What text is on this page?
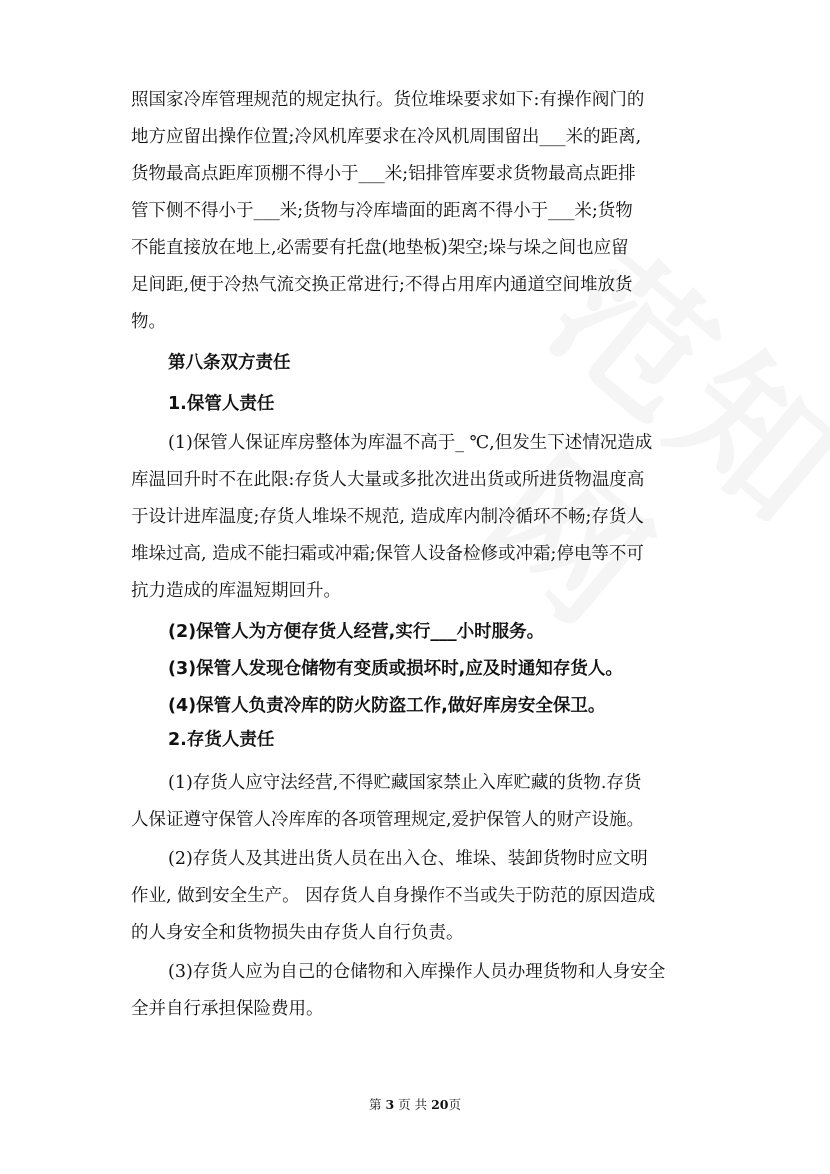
照国家冷库管理规范的规定执行。货位堆垛要求如下:有操作阀门的
地方应留出操作位置;冷风机库要求在冷风机周围留出___米的距离,
货物最高点距库顶棚不得小于___米;铝排管库要求货物最高点距排
管下侧不得小于___米;货物与冷库墙面的距离不得小于___米;货物
不能直接放在地上,必需要有托盘(地垫板)架空;垛与垛之间也应留
足间距,便于冷热气流交换正常进行;不得占用库内通道空间堆放货
物。
第八条双方责任
1.保管人责任
(1)保管人保证库房整体为库温不高于_ ℃,但发生下述情况造成
库温回升时不在此限:存货人大量或多批次进出货或所进货物温度高
于设计进库温度;存货人堆垛不规范, 造成库内制冷循环不畅;存货人
堆垛过高, 造成不能扫霜或冲霜;保管人设备检修或冲霜;停电等不可
抗力造成的库温短期回升。
(2)保管人为方便存货人经营,实行___小时服务。
(3)保管人发现仓储物有变质或损坏时,应及时通知存货人。
(4)保管人负责冷库的防火防盗工作,做好库房安全保卫。
2.存货人责任
(1)存货人应守法经营,不得贮藏国家禁止入库贮藏的货物.存货
人保证遵守保管人冷库库的各项管理规定,爱护保管人的财产设施。
(2)存货人及其进出货人员在出入仓、堆垛、装卸货物时应文明
作业, 做到安全生产。 因存货人自身操作不当或失于防范的原因造成
的人身安全和货物损失由存货人自行负责。
(3)存货人应为自己的仓储物和入库操作人员办理货物和人身安全
全并自行承担保险费用。
第 3 页 共 20页
